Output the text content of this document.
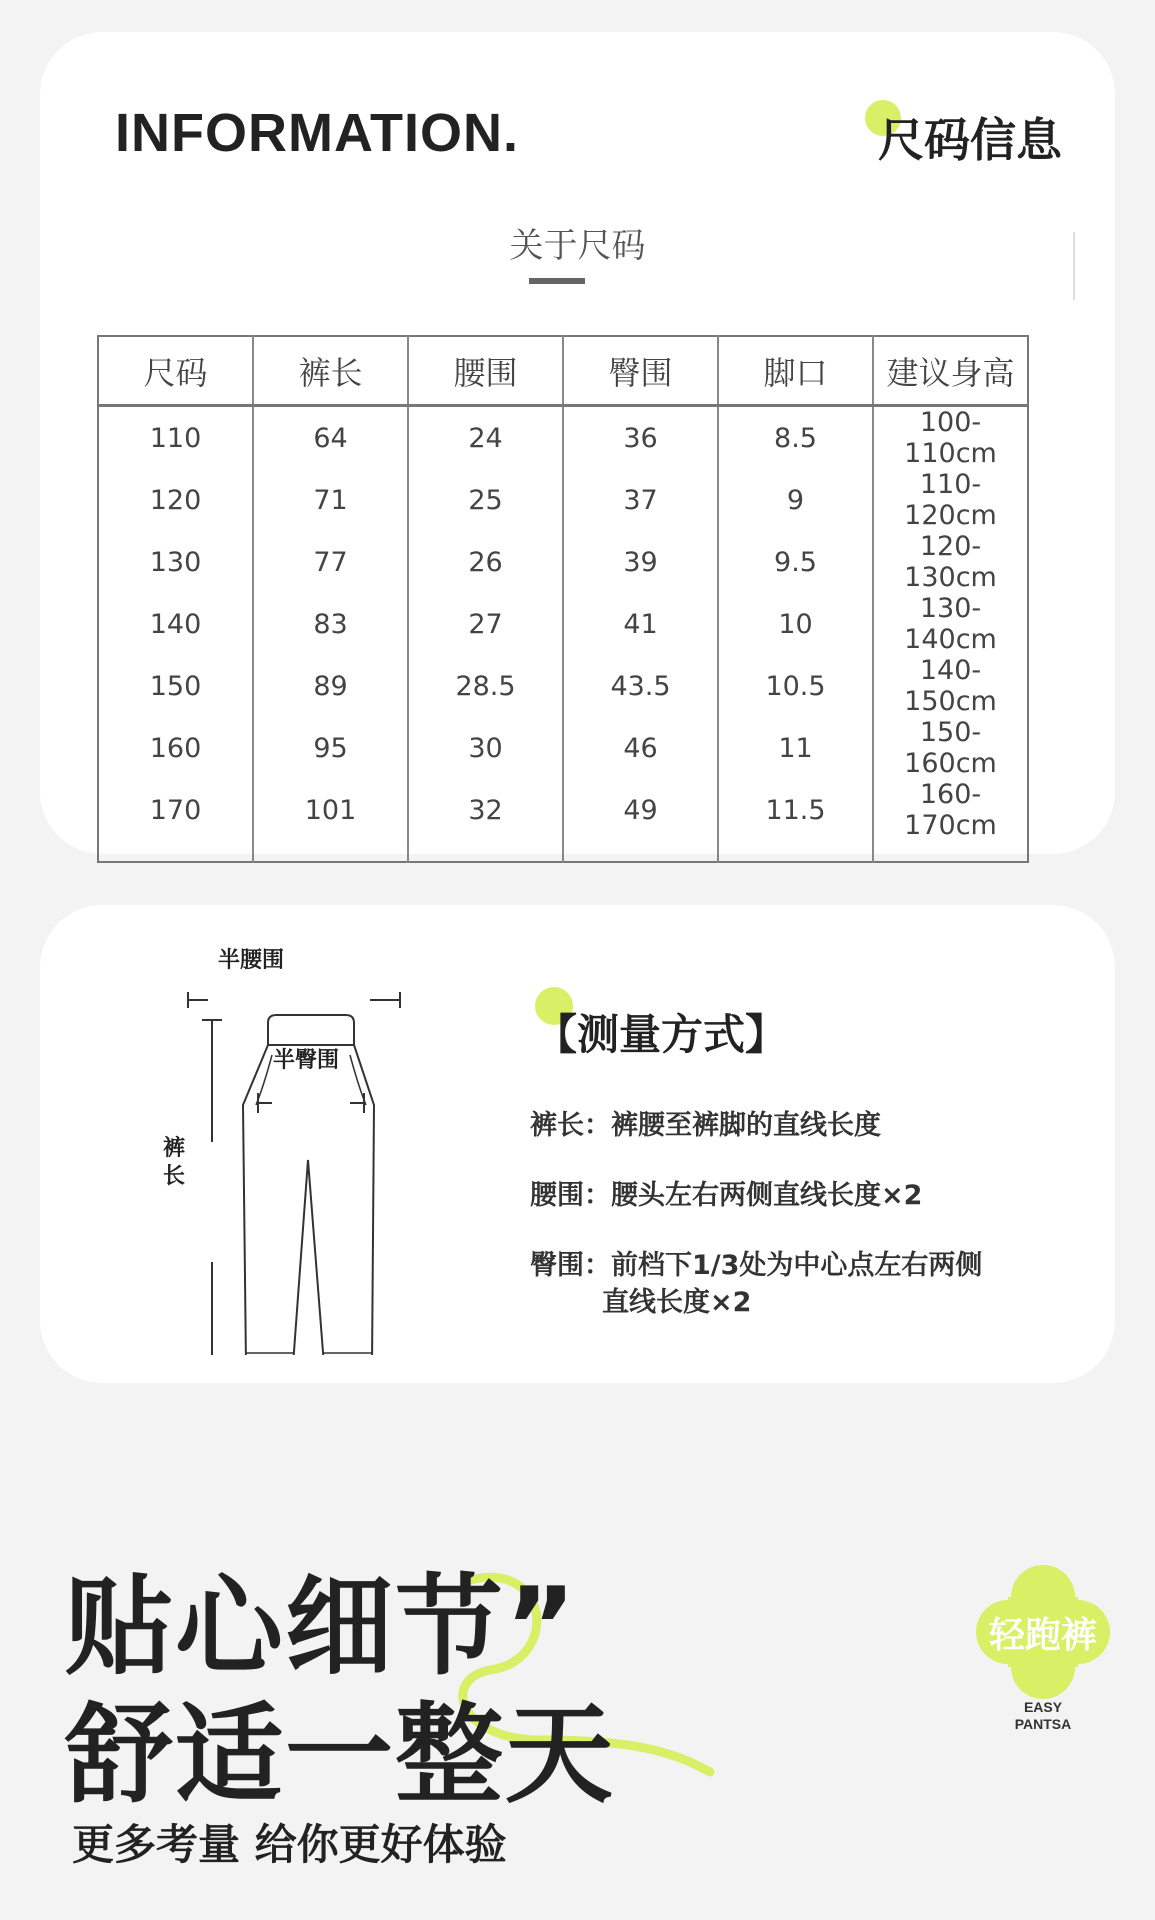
INFORMATION.	尺码信息
关于尺码
尺码	裤长	腰围	臀围	脚口	建议身高
110	64	24	36	8.5	100-110cm
120	71	25	37	9	110-120cm
130	77	26	39	9.5	120-130cm
140	83	27	41	10	130-140cm
150	89	28.5	43.5	10.5	140-150cm
160	95	30	46	11	150-160cm
170	101	32	49	11.5	160-170cm

半腰围
半臀围
裤长
【测量方式】
裤长：裤腰至裤脚的直线长度
腰围：腰头左右两侧直线长度×2
臀围：前档下1/3处为中心点左右两侧
直线长度×2
贴心细节”
舒适一整天
更多考量 给你更好体验
轻跑裤
EASY
PANTSA
